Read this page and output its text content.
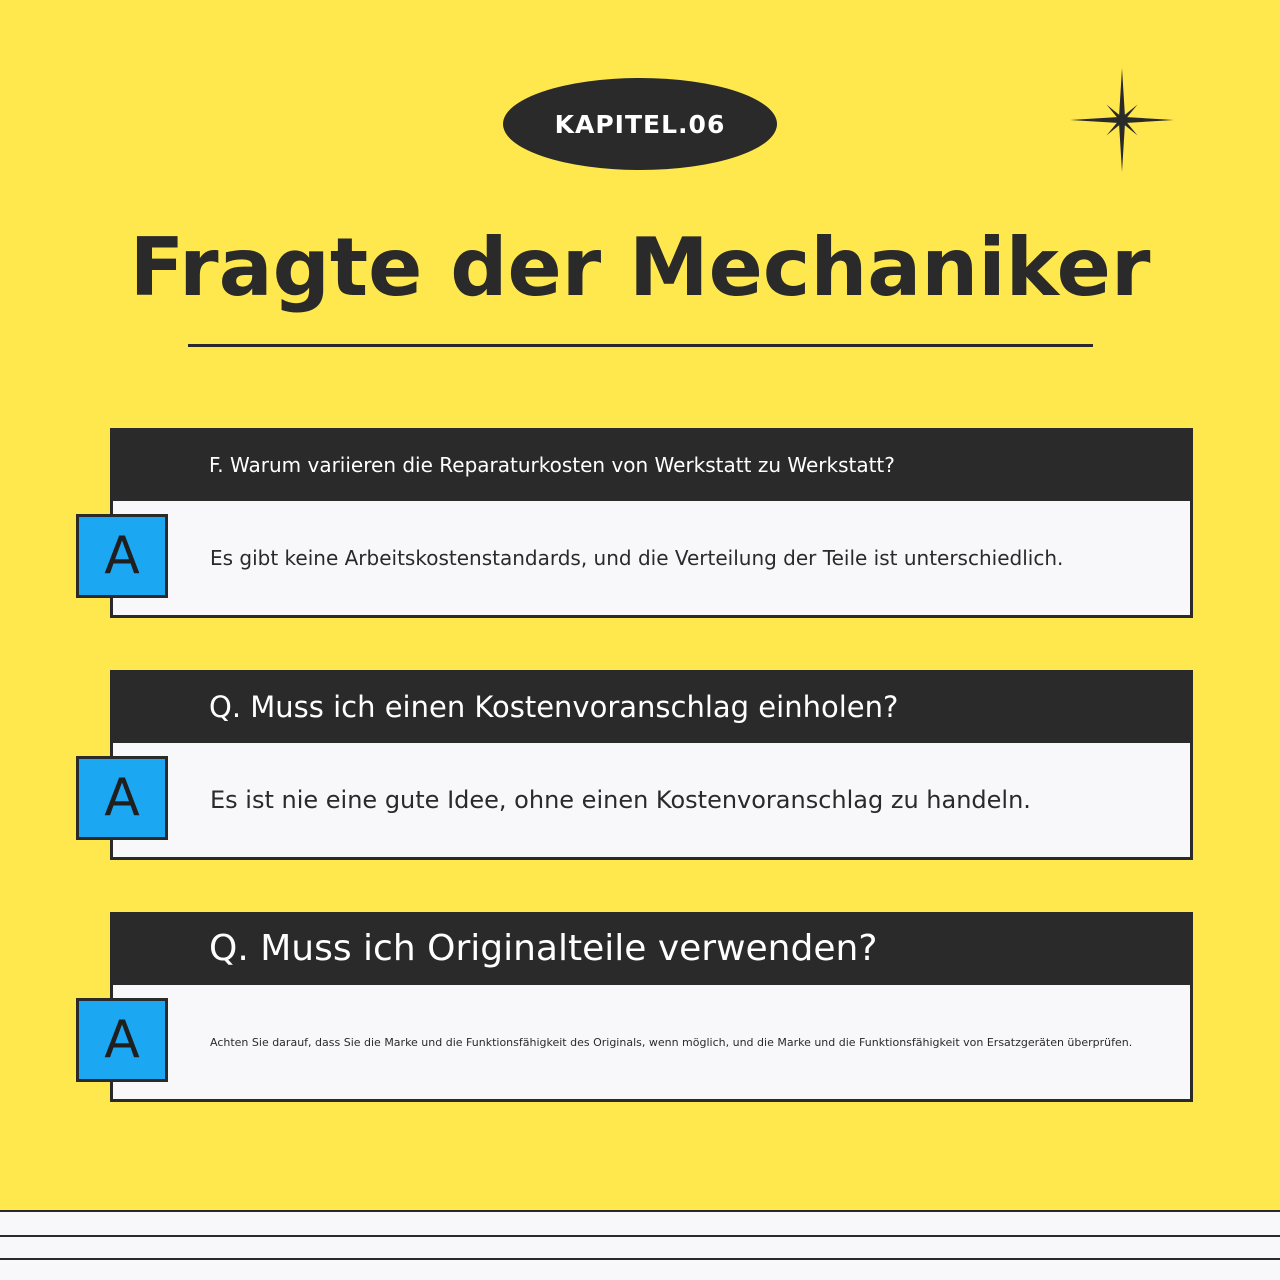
KAPITEL.06
Fragte der Mechaniker
F. Warum variieren die Reparaturkosten von Werkstatt zu Werkstatt?
Es gibt keine Arbeitskostenstandards, und die Verteilung der Teile ist unterschiedlich.
A
Q. Muss ich einen Kostenvoranschlag einholen?
Es ist nie eine gute Idee, ohne einen Kostenvoranschlag zu handeln.
A
Q. Muss ich Originalteile verwenden?
Achten Sie darauf, dass Sie die Marke und die Funktionsfähigkeit des Originals, wenn möglich, und die Marke und die Funktionsfähigkeit von Ersatzgeräten überprüfen.
A
